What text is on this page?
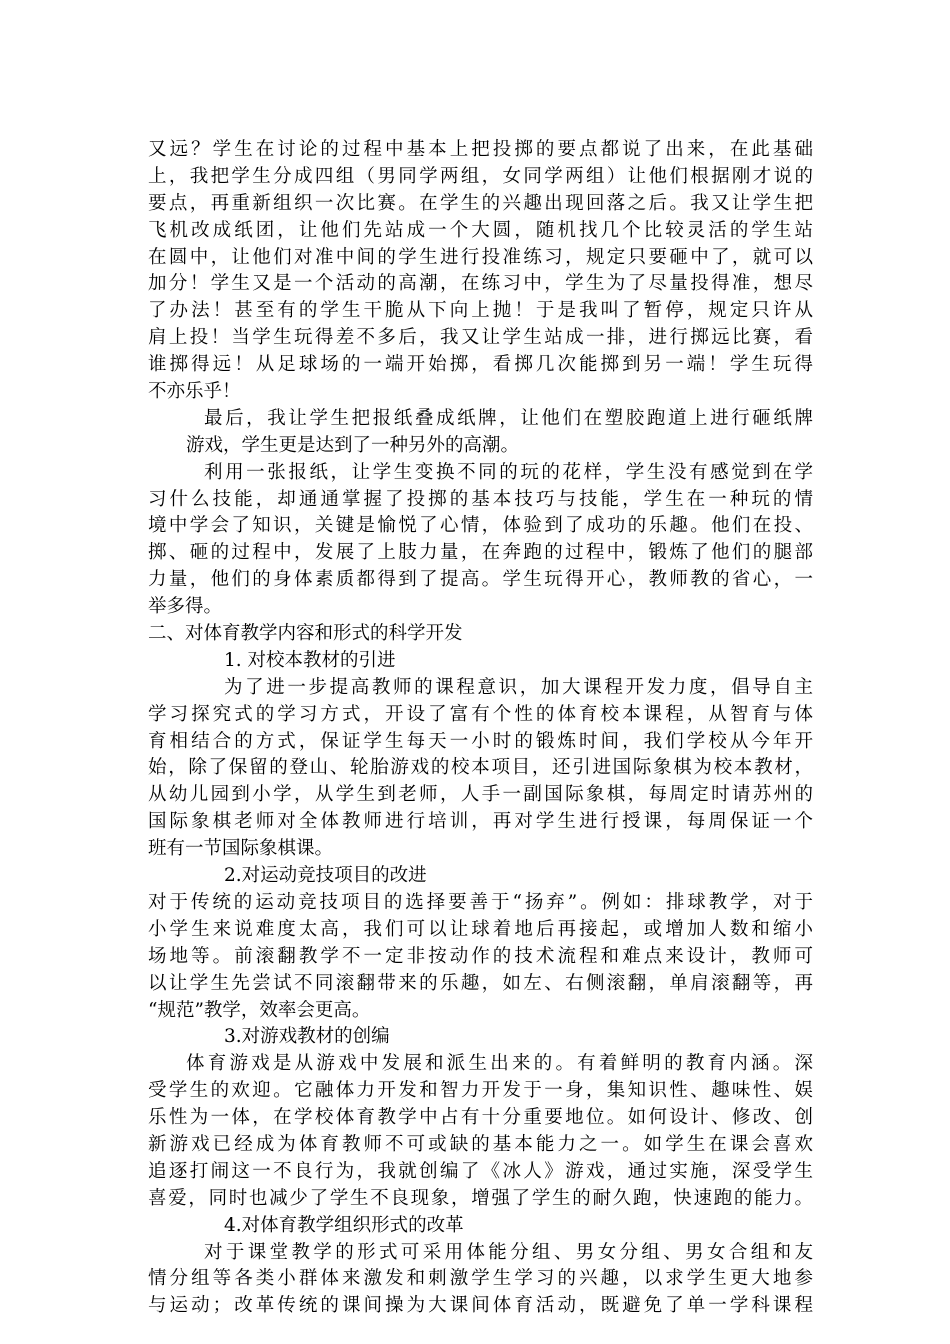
又远？学生在讨论的过程中基本上把投掷的要点都说了出来，在此基础
上，我把学生分成四组（男同学两组，女同学两组）让他们根据刚才说的
要点，再重新组织一次比赛。在学生的兴趣出现回落之后。我又让学生把
飞机改成纸团，让他们先站成一个大圆，随机找几个比较灵活的学生站
在圆中，让他们对准中间的学生进行投准练习，规定只要砸中了，就可以
加分！学生又是一个活动的高潮，在练习中，学生为了尽量投得准，想尽
了办法！甚至有的学生干脆从下向上抛！于是我叫了暂停，规定只许从
肩上投！当学生玩得差不多后，我又让学生站成一排，进行掷远比赛，看
谁掷得远！从足球场的一端开始掷，看掷几次能掷到另一端！学生玩得
不亦乐乎！
最后，我让学生把报纸叠成纸牌，让他们在塑胶跑道上进行砸纸牌
游戏，学生更是达到了一种另外的高潮。
利用一张报纸，让学生变换不同的玩的花样，学生没有感觉到在学
习什么技能，却通通掌握了投掷的基本技巧与技能，学生在一种玩的情
境中学会了知识，关键是愉悦了心情，体验到了成功的乐趣。他们在投、
掷、砸的过程中，发展了上肢力量，在奔跑的过程中，锻炼了他们的腿部
力量，他们的身体素质都得到了提高。学生玩得开心，教师教的省心，一
举多得。
二、对体育教学内容和形式的科学开发
1. 对校本教材的引进
为了进一步提高教师的课程意识，加大课程开发力度，倡导自主
学习探究式的学习方式，开设了富有个性的体育校本课程，从智育与体
育相结合的方式，保证学生每天一小时的锻炼时间，我们学校从今年开
始，除了保留的登山、轮胎游戏的校本项目，还引进国际象棋为校本教材，
从幼儿园到小学，从学生到老师，人手一副国际象棋，每周定时请苏州的
国际象棋老师对全体教师进行培训，再对学生进行授课，每周保证一个
班有一节国际象棋课。
2.对运动竞技项目的改进
对于传统的运动竞技项目的选择要善于“扬弃”。例如：排球教学，对于
小学生来说难度太高，我们可以让球着地后再接起，或增加人数和缩小
场地等。前滚翻教学不一定非按动作的技术流程和难点来设计，教师可
以让学生先尝试不同滚翻带来的乐趣，如左、右侧滚翻，单肩滚翻等，再
“规范”教学，效率会更高。
3.对游戏教材的创编
体育游戏是从游戏中发展和派生出来的。有着鲜明的教育内涵。深
受学生的欢迎。它融体力开发和智力开发于一身，集知识性、趣味性、娱
乐性为一体，在学校体育教学中占有十分重要地位。如何设计、修改、创
新游戏已经成为体育教师不可或缺的基本能力之一。如学生在课会喜欢
追逐打闹这一不良行为，我就创编了《冰人》游戏，通过实施，深受学生
喜爱，同时也减少了学生不良现象，增强了学生的耐久跑，快速跑的能力。
4.对体育教学组织形式的改革
对于课堂教学的形式可采用体能分组、男女分组、男女合组和友
情分组等各类小群体来激发和刺激学生学习的兴趣，以求学生更大地参
与运动；改革传统的课间操为大课间体育活动，既避免了单一学科课程
